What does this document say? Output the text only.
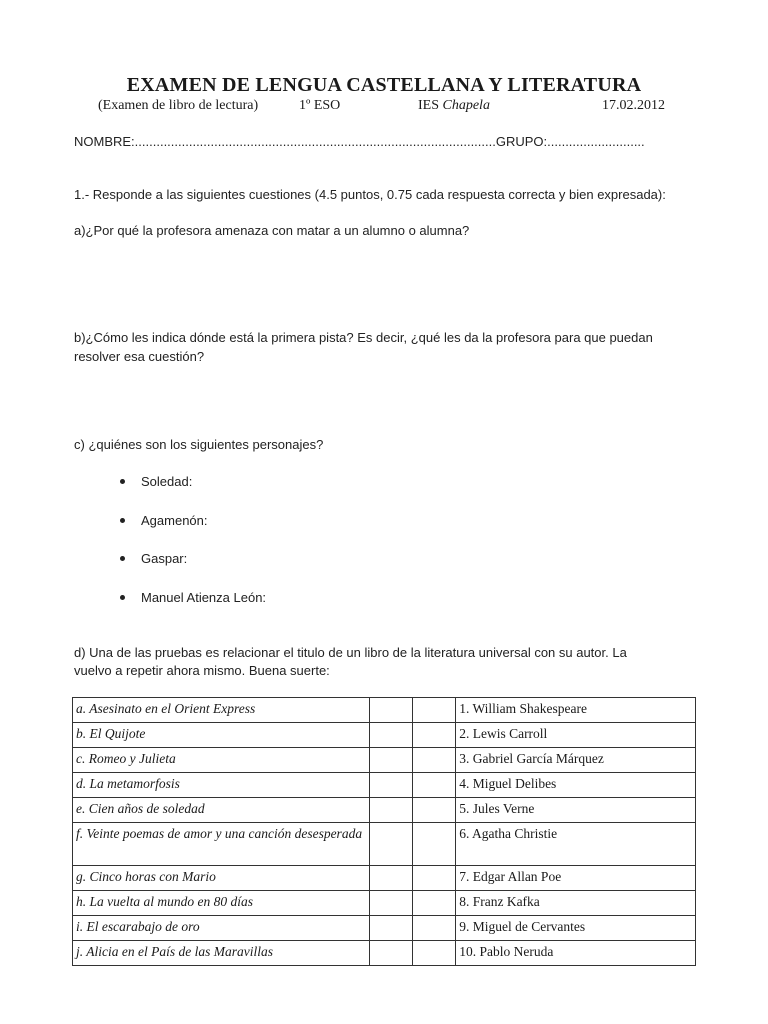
EXAMEN DE LENGUA CASTELLANA Y LITERATURA
(Examen de libro de lectura)	1º ESO	IES Chapela	17.02.2012
NOMBRE:....................................................................................................GRUPO:...........................
1.- Responde a las siguientes cuestiones (4.5 puntos, 0.75 cada respuesta correcta y bien expresada):
a)¿Por qué la profesora amenaza con matar a un alumno o alumna?
b)¿Cómo les indica dónde está la primera pista? Es decir, ¿qué les da la profesora para que puedan
resolver esa cuestión?
c) ¿quiénes son los siguientes personajes?
Soledad:
Agamenón:
Gaspar:
Manuel Atienza León:
d) Una de las pruebas es relacionar el titulo de un libro de la literatura universal con su autor. La
vuelvo a repetir ahora mismo. Buena suerte:
a. Asesinato en el Orient Express			1. William Shakespeare
b. El Quijote			2. Lewis Carroll
c. Romeo y Julieta			3. Gabriel García Márquez
d. La metamorfosis			4. Miguel Delibes
e. Cien años de soledad			5. Jules Verne
f. Veinte poemas de amor y una canción desesperada			6. Agatha Christie
g. Cinco horas con Mario			7. Edgar Allan Poe
h. La vuelta al mundo en 80 días			8. Franz Kafka
i. El escarabajo de oro			9. Miguel de Cervantes
j. Alicia en el País de las Maravillas			10. Pablo Neruda
